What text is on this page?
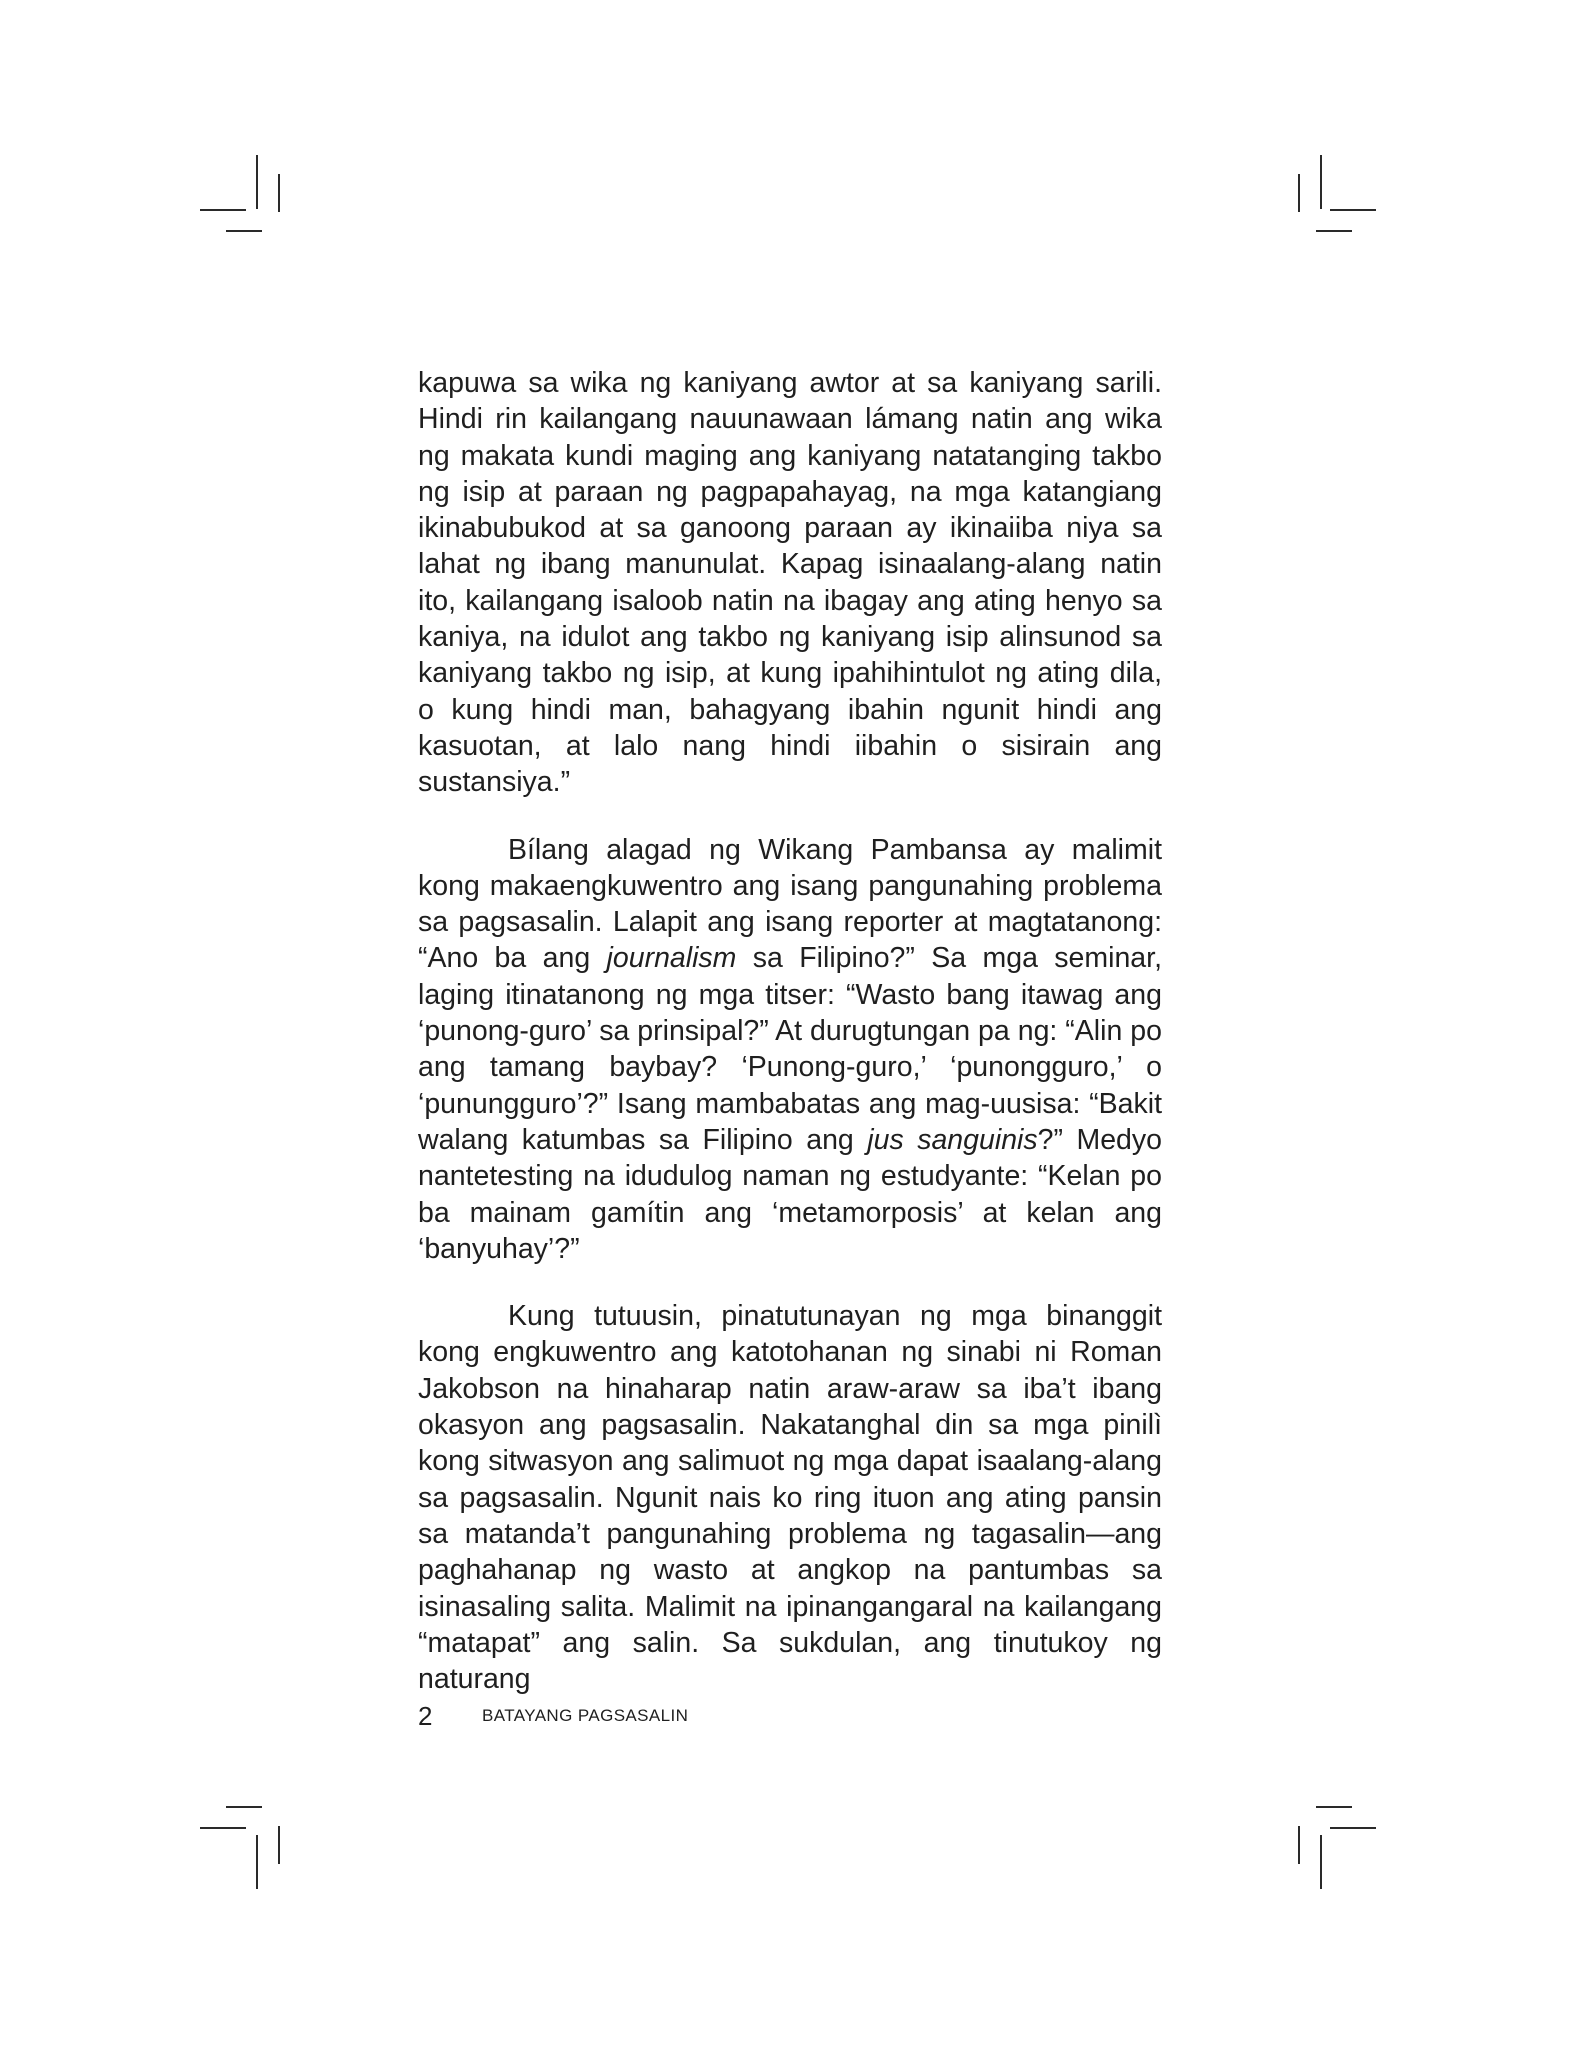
kapuwa sa wika ng kaniyang awtor at sa kaniyang sarili. Hindi rin kailangang nauunawaan lámang natin ang wika ng makata kundi maging ang kaniyang natatanging takbo ng isip at paraan ng pagpapahayag, na mga katangiang ikinabubukod at sa ganoong paraan ay ikinaiiba niya sa lahat ng ibang manunulat. Kapag isinaalang-alang natin ito, kailangang isaloob natin na ibagay ang ating henyo sa kaniya, na idulot ang takbo ng kaniyang isip alinsunod sa kaniyang takbo ng isip, at kung ipahihintulot ng ating dila, o kung hindi man, bahagyang ibahin ngunit hindi ang kasuotan, at lalo nang hindi iibahin o sisirain ang sustansiya.”

Bílang alagad ng Wikang Pambansa ay malimit kong makaengkuwentro ang isang pangunahing problema sa pagsasalin. Lalapit ang isang reporter at magtatanong: “Ano ba ang journalism sa Filipino?” Sa mga seminar, laging itinatanong ng mga titser: “Wasto bang itawag ang ‘punong-guro’ sa prinsipal?” At durugtungan pa ng: “Alin po ang tamang baybay? ‘Punong-guro,’ ‘punongguro,’ o ‘punungguro’?” Isang mambabatas ang mag-uusisa: “Bakit walang katumbas sa Filipino ang jus sanguinis?” Medyo nantetesting na idudulog naman ng estudyante: “Kelan po ba mainam gamítin ang ‘metamorposis’ at kelan ang ‘banyuhay’?”

Kung tutuusin, pinatutunayan ng mga binanggit kong engkuwentro ang katotohanan ng sinabi ni Roman Jakobson na hinaharap natin araw-araw sa iba’t ibang okasyon ang pagsasalin. Nakatanghal din sa mga pinilì kong sitwasyon ang salimuot ng mga dapat isaalang-alang sa pagsasalin. Ngunit nais ko ring ituon ang ating pansin sa matanda’t pangunahing problema ng tagasalin—ang paghahanap ng wasto at angkop na pantumbas sa isinasaling salita. Malimit na ipinangangaral na kailangang “matapat” ang salin. Sa sukdulan, ang tinutukoy ng naturang

2	BATAYANG PAGSASALIN
